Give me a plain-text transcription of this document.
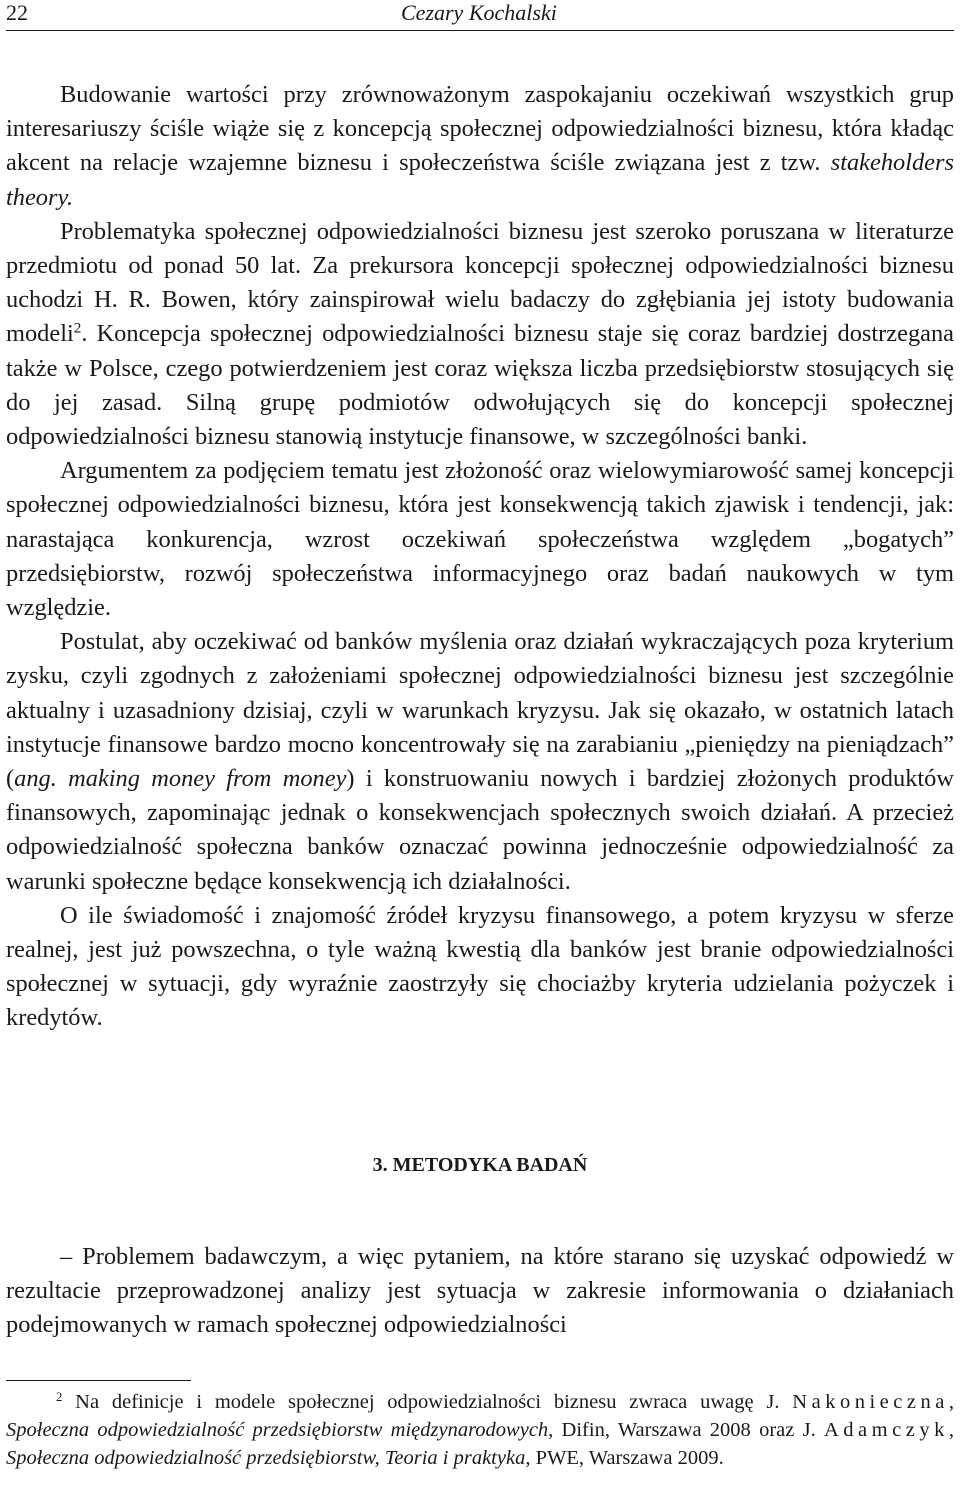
22	Cezary Kochalski

Budowanie wartości przy zrównoważonym zaspokajaniu oczekiwań wszystkich grup interesariuszy ściśle wiąże się z koncepcją społecznej odpowiedzialności biznesu, która kładąc akcent na relacje wzajemne biznesu i społeczeństwa ściśle związana jest z tzw. stakeholders theory.

Problematyka społecznej odpowiedzialności biznesu jest szeroko poruszana w literaturze przedmiotu od ponad 50 lat. Za prekursora koncepcji społecznej odpowiedzialności biznesu uchodzi H. R. Bowen, który zainspirował wielu badaczy do zgłębiania jej istoty budowania modeli$^2$. Koncepcja społecznej odpowiedzialności biznesu staje się coraz bardziej dostrzegana także w Polsce, czego potwierdzeniem jest coraz większa liczba przedsiębiorstw stosujących się do jej zasad. Silną grupę podmiotów odwołujących się do koncepcji społecznej odpowiedzialności biznesu stanowią instytucje finansowe, w szczególności banki.

Argumentem za podjęciem tematu jest złożoność oraz wielowymiarowość samej koncepcji społecznej odpowiedzialności biznesu, która jest konsekwencją takich zjawisk i tendencji, jak: narastająca konkurencja, wzrost oczekiwań społeczeństwa względem „bogatych” przedsiębiorstw, rozwój społeczeństwa informacyjnego oraz badań naukowych w tym względzie.

Postulat, aby oczekiwać od banków myślenia oraz działań wykraczających poza kryterium zysku, czyli zgodnych z założeniami społecznej odpowiedzialności biznesu jest szczególnie aktualny i uzasadniony dzisiaj, czyli w warunkach kryzysu. Jak się okazało, w ostatnich latach instytucje finansowe bardzo mocno koncentrowały się na zarabianiu „pieniędzy na pieniądzach” (ang. making money from money) i konstruowaniu nowych i bardziej złożonych produktów finansowych, zapominając jednak o konsekwencjach społecznych swoich działań. A przecież odpowiedzialność społeczna banków oznaczać powinna jednocześnie odpowiedzialność za warunki społeczne będące konsekwencją ich działalności.

O ile świadomość i znajomość źródeł kryzysu finansowego, a potem kryzysu w sferze realnej, jest już powszechna, o tyle ważną kwestią dla banków jest branie odpowiedzialności społecznej w sytuacji, gdy wyraźnie zaostrzyły się chociażby kryteria udzielania pożyczek i kredytów.

3. METODYKA BADAŃ

– Problemem badawczym, a więc pytaniem, na które starano się uzyskać odpowiedź w rezultacie przeprowadzonej analizy jest sytuacja w zakresie informowania o działaniach podejmowanych w ramach społecznej odpowiedzialności

$^2$ Na definicje i modele społecznej odpowiedzialności biznesu zwraca uwagę J. Nakonieczna, Społeczna odpowiedzialność przedsiębiorstw międzynarodowych, Difin, Warszawa 2008 oraz J. Adamczyk, Społeczna odpowiedzialność przedsiębiorstw, Teoria i praktyka, PWE, Warszawa 2009.
